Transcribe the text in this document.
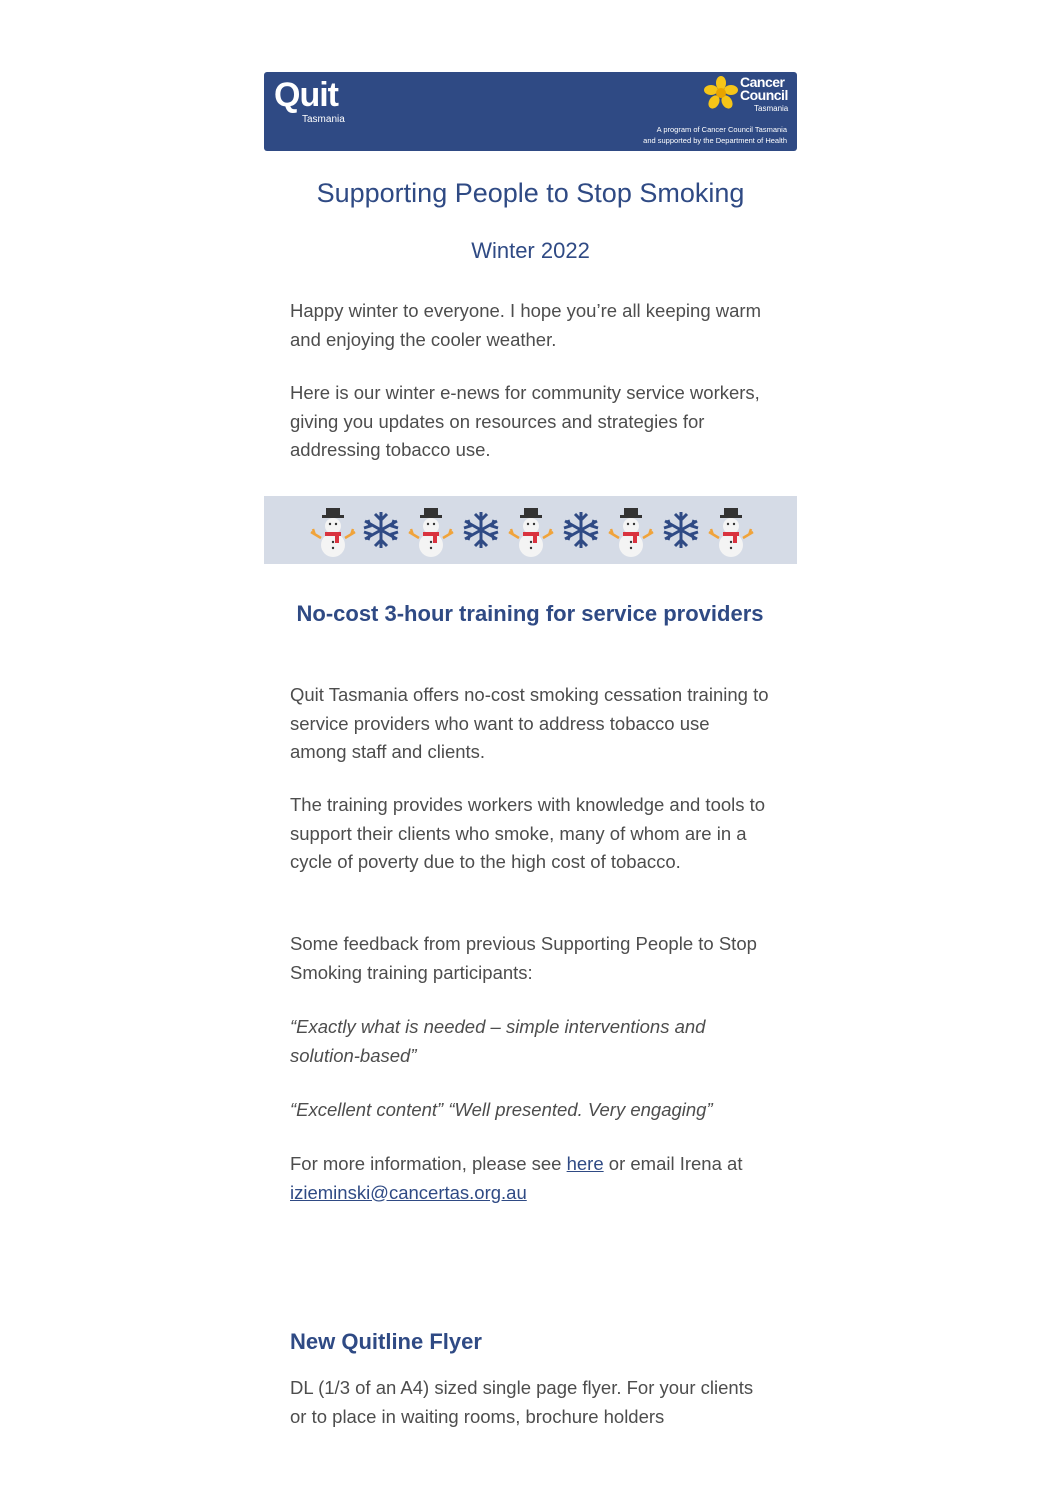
Quit
Tasmania
Cancer Council
Tasmania
A program of Cancer Council Tasmania
and supported by the Department of Health
Supporting People to Stop Smoking
Winter 2022

Happy winter to everyone. I hope you’re all keeping warm and enjoying the cooler weather.

Here is our winter e-news for community service workers, giving you updates on resources and strategies for addressing tobacco use.

No-cost 3-hour training for service providers

Quit Tasmania offers no-cost smoking cessation training to service providers who want to address tobacco use among staff and clients.

The training provides workers with knowledge and tools to support their clients who smoke, many of whom are in a cycle of poverty due to the high cost of tobacco.

Some feedback from previous Supporting People to Stop Smoking training participants:

“Exactly what is needed – simple interventions and solution-based”

“Excellent content” “Well presented. Very engaging”

For more information, please see here or email Irena at izieminski@cancertas.org.au

New Quitline Flyer

DL (1/3 of an A4) sized single page flyer. For your clients or to place in waiting rooms, brochure holders
